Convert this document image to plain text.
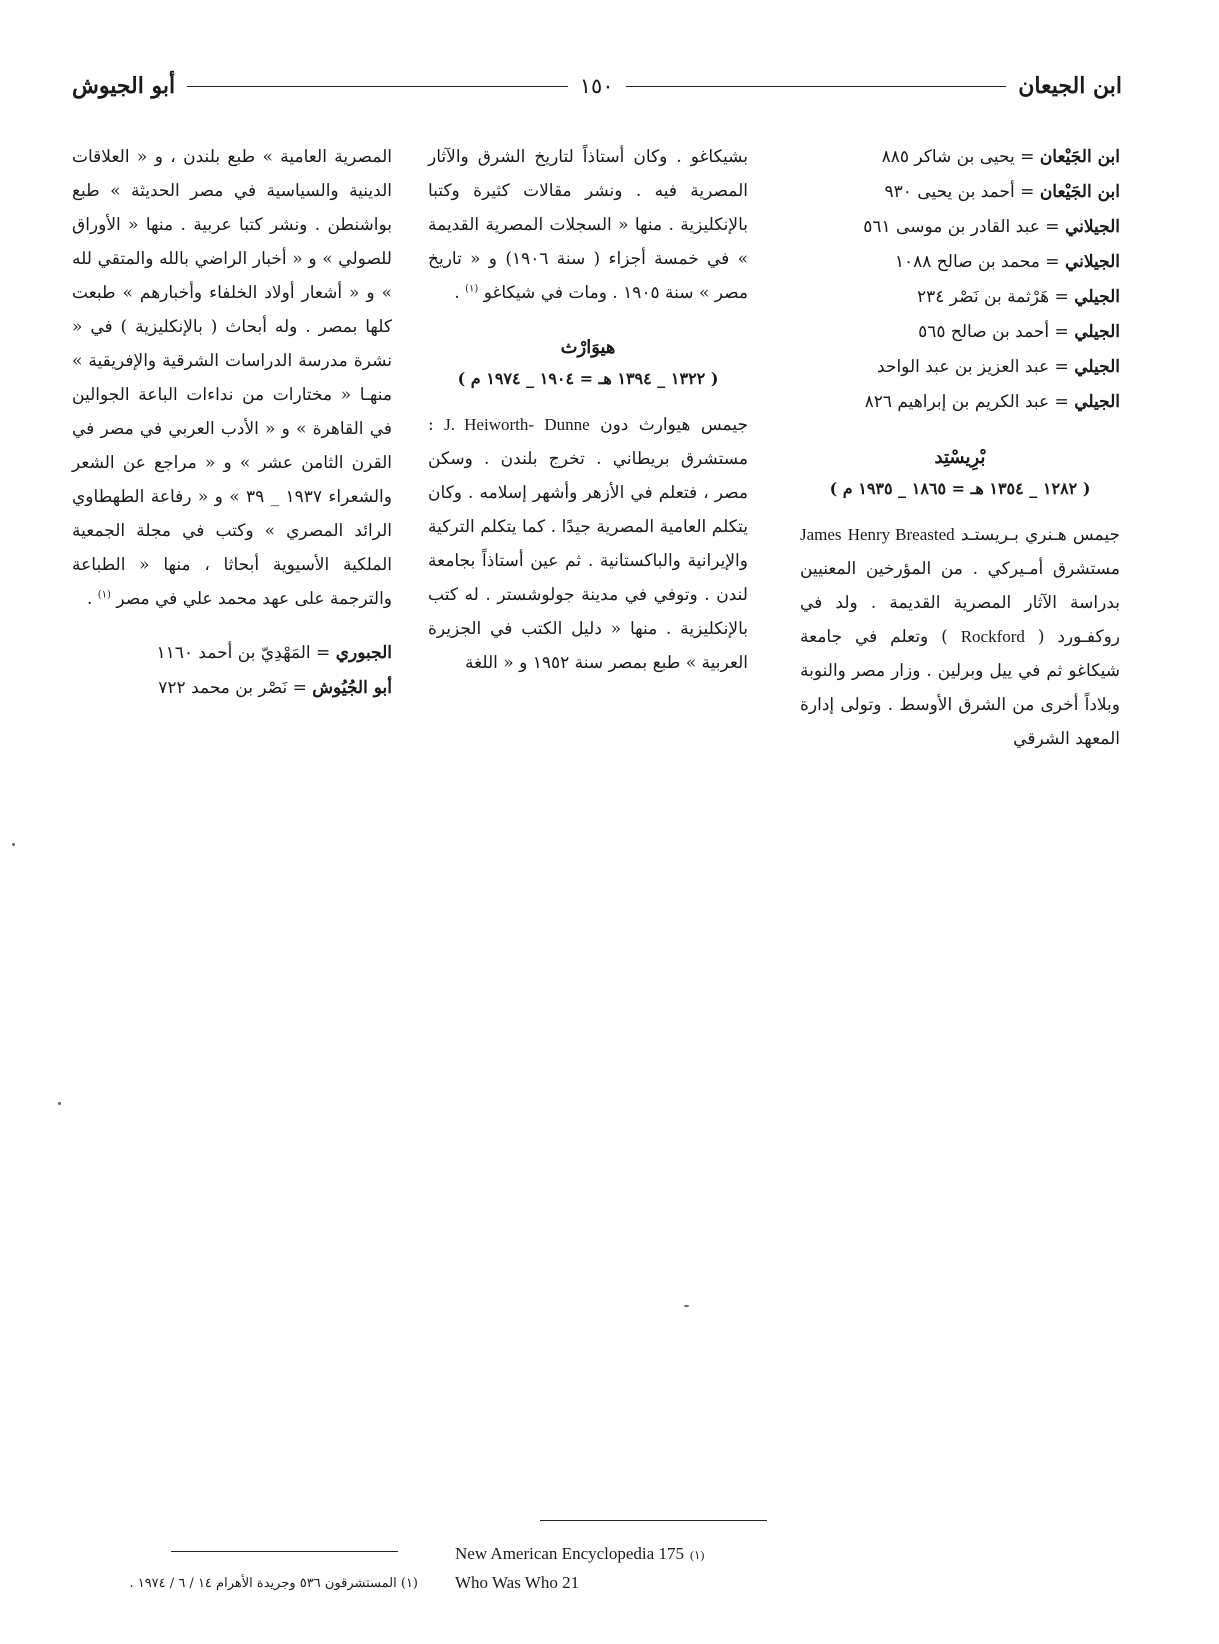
ابن الجيعان
١٥٠
أبو الجيوش
ابن الجَيْعان = يحيى بن شاكر ٨٨٥
ابن الجَيْعان = أحمد بن يحيى ٩٣٠
الجيلاني = عبد القادر بن موسى ٥٦١
الجيلاني = محمد بن صالح ١٠٨٨
الجيلي = هَرْثمة بن نَصْر ٢٣٤
الجيلي = أحمد بن صالح ٥٦٥
الجيلي = عبد العزيز بن عبد الواحد
الجيلي = عبد الكريم بن إبراهيم ٨٢٦
بْرِيسْتِد
( ١٢٨٢ _ ١٣٥٤ هـ = ١٨٦٥ _ ١٩٣٥ م )

جيمس هـنري بـريستـد James Henry Breasted مستشرق أمـيركي . من المؤرخين المعنيين بدراسة الآثار المصرية القديمة . ولد في روكفـورد ( Rockford ) وتعلم في جامعة شيكاغو ثم في ييل وبرلين . وزار مصر والنوبة وبلاداً أخرى من الشرق الأوسط . وتولى إدارة المعهد الشرقي

بشيكاغو . وكان أستاذاً لتاريخ الشرق والآثار المصرية فيه . ونشر مقالات كثيرة وكتبا بالإنكليزية . منها « السجلات المصرية القديمة » في خمسة أجزاء ( سنة ١٩٠٦) و « تاريخ مصر » سنة ١٩٠٥ . ومات في شيكاغو $^{(١)}$ .

هيوَارْث
( ١٣٢٢ _ ١٣٩٤ هـ = ١٩٠٤ _ ١٩٧٤ م )

جيمس هيوارث دون J. Heiworth- Dunne : مستشرق بريطاني . تخرج بلندن . وسكن مصر ، فتعلم في الأزهر وأشهر إسلامه . وكان يتكلم العامية المصرية جيدًا . كما يتكلم التركية والإيرانية والباكستانية . ثم عين أستاذاً بجامعة لندن . وتوفي في مدينة جولوشستر . له كتب بالإنكليزية . منها « دليل الكتب في الجزيرة العربية » طبع بمصر سنة ١٩٥٢ و « اللغة

المصرية العامية » طبع بلندن ، و « العلاقات الدينية والسياسية في مصر الحديثة » طبع بواشنطن . ونشر كتبا عربية . منها « الأوراق للصولي » و « أخبار الراضي بالله والمتقي لله » و « أشعار أولاد الخلفاء وأخبارهم » طبعت كلها بمصر . وله أبحاث ( بالإنكليزية ) في « نشرة مدرسة الدراسات الشرقية والإفريقية » منهـا « مختارات من نداءات الباعة الجوالين في القاهرة » و « الأدب العربي في مصر في القرن الثامن عشر » و « مراجع عن الشعر والشعراء ١٩٣٧ _ ٣٩ » و « رفاعة الطهطاوي الرائد المصري » وكتب في مجلة الجمعية الملكية الأسيوية أبحاثا ، منها « الطباعة والترجمة على عهد محمد علي في مصر $^{(١)}$ .

الجبوري = المَهْدِيّ بن أحمد ١١٦٠
أبو الجُيُوش = نَصْر بن محمد ٧٢٢
New American Encyclopedia 175 (١)
Who Was Who 21
(١) المستشرقون ٥٣٦ وجريدة الأهرام ١٤ / ٦ / ١٩٧٤ .
